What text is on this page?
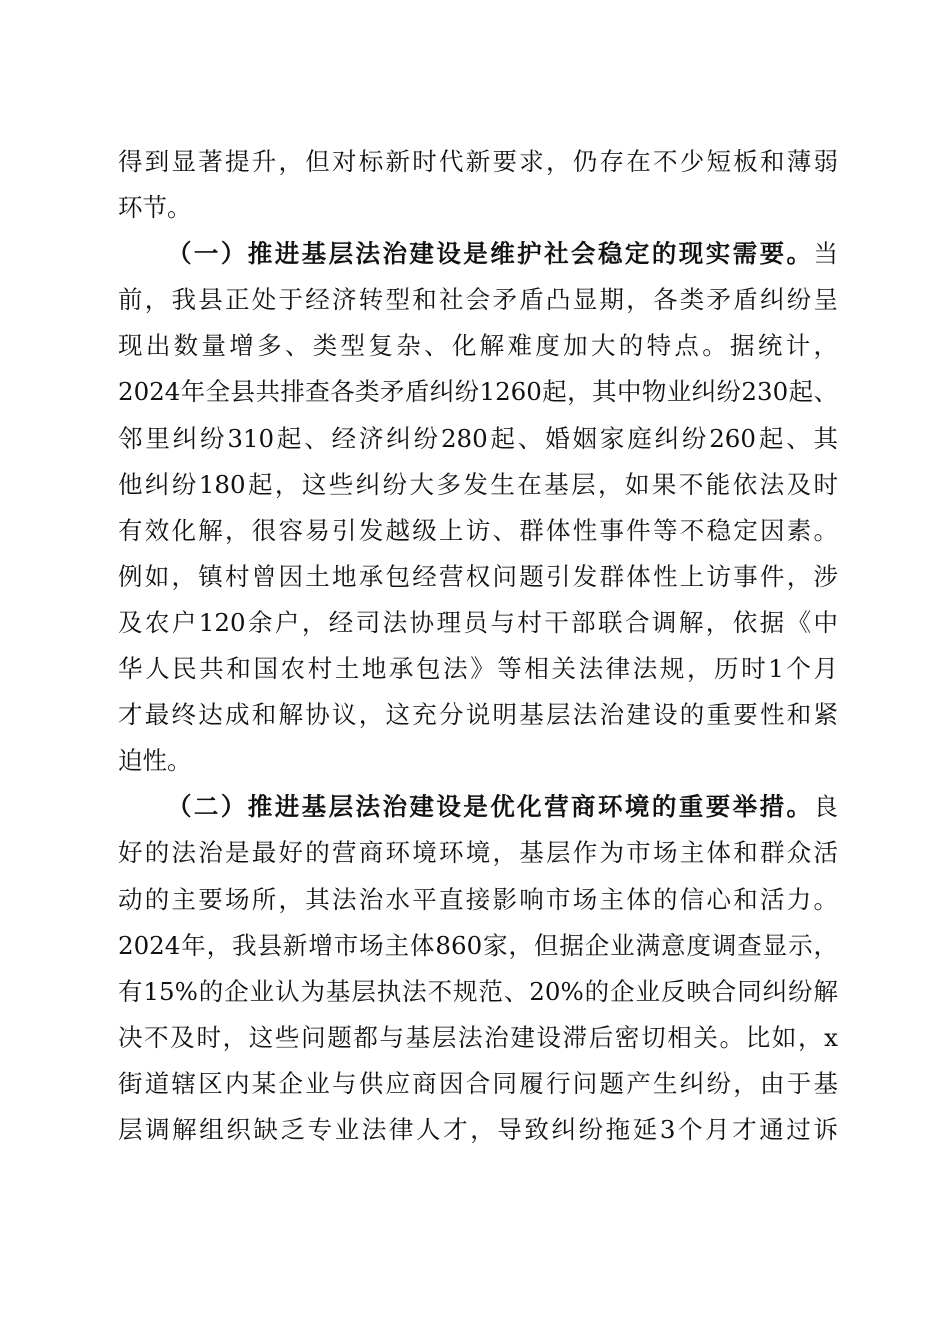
得到显著提升，但对标新时代新要求，仍存在不少短板和薄弱
环节。
（一）推进基层法治建设是维护社会稳定的现实需要。当
前，我县正处于经济转型和社会矛盾凸显期，各类矛盾纠纷呈
现出数量增多、类型复杂、化解难度加大的特点。据统计，
2024年全县共排查各类矛盾纠纷1260起，其中物业纠纷230起、
邻里纠纷310起、经济纠纷280起、婚姻家庭纠纷260起、其
他纠纷180起，这些纠纷大多发生在基层，如果不能依法及时
有效化解，很容易引发越级上访、群体性事件等不稳定因素。
例如，镇村曾因土地承包经营权问题引发群体性上访事件，涉
及农户120余户，经司法协理员与村干部联合调解，依据《中
华人民共和国农村土地承包法》等相关法律法规，历时1个月
才最终达成和解协议，这充分说明基层法治建设的重要性和紧
迫性。
（二）推进基层法治建设是优化营商环境的重要举措。良
好的法治是最好的营商环境环境，基层作为市场主体和群众活
动的主要场所，其法治水平直接影响市场主体的信心和活力。
2024年，我县新增市场主体860家，但据企业满意度调查显示，
有15%的企业认为基层执法不规范、20%的企业反映合同纠纷解
决不及时，这些问题都与基层法治建设滞后密切相关。比如，x
街道辖区内某企业与供应商因合同履行问题产生纠纷，由于基
层调解组织缺乏专业法律人才，导致纠纷拖延3个月才通过诉
